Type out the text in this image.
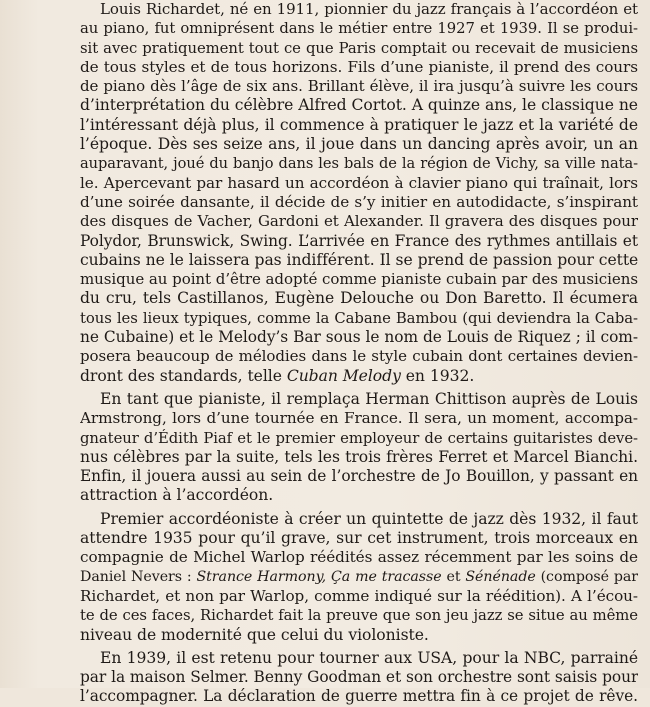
Louis Richardet, né en 1911, pionnier du jazz français à l’accordéon et
au piano, fut omniprésent dans le métier entre 1927 et 1939. Il se produi-
sit avec pratiquement tout ce que Paris comptait ou recevait de musiciens
de tous styles et de tous horizons. Fils d’une pianiste, il prend des cours
de piano dès l’âge de six ans. Brillant élève, il ira jusqu’à suivre les cours
d’interprétation du célèbre Alfred Cortot. A quinze ans, le classique ne
l’intéressant déjà plus, il commence à pratiquer le jazz et la variété de
l’époque. Dès ses seize ans, il joue dans un dancing après avoir, un an
auparavant, joué du banjo dans les bals de la région de Vichy, sa ville nata-
le. Apercevant par hasard un accordéon à clavier piano qui traînait, lors
d’une soirée dansante, il décide de s’y initier en autodidacte, s’inspirant
des disques de Vacher, Gardoni et Alexander. Il gravera des disques pour
Polydor, Brunswick, Swing. L’arrivée en France des rythmes antillais et
cubains ne le laissera pas indifférent. Il se prend de passion pour cette
musique au point d’être adopté comme pianiste cubain par des musiciens
du cru, tels Castillanos, Eugène Delouche ou Don Baretto. Il écumera
tous les lieux typiques, comme la Cabane Bambou (qui deviendra la Caba-
ne Cubaine) et le Melody’s Bar sous le nom de Louis de Riquez ; il com-
posera beaucoup de mélodies dans le style cubain dont certaines devien-
dront des standards, telle Cuban Melody en 1932.
En tant que pianiste, il remplaça Herman Chittison auprès de Louis
Armstrong, lors d’une tournée en France. Il sera, un moment, accompa-
gnateur d’Édith Piaf et le premier employeur de certains guitaristes deve-
nus célèbres par la suite, tels les trois frères Ferret et Marcel Bianchi.
Enfin, il jouera aussi au sein de l’orchestre de Jo Bouillon, y passant en
attraction à l’accordéon.
Premier accordéoniste à créer un quintette de jazz dès 1932, il faut
attendre 1935 pour qu’il grave, sur cet instrument, trois morceaux en
compagnie de Michel Warlop réédités assez récemment par les soins de
Daniel Nevers : Strance Harmony, Ça me tracasse et Sénénade (composé par
Richardet, et non par Warlop, comme indiqué sur la réédition). A l’écou-
te de ces faces, Richardet fait la preuve que son jeu jazz se situe au même
niveau de modernité que celui du violoniste.
En 1939, il est retenu pour tourner aux USA, pour la NBC, parrainé
par la maison Selmer. Benny Goodman et son orchestre sont saisis pour
l’accompagner. La déclaration de guerre mettra fin à ce projet de rêve.
